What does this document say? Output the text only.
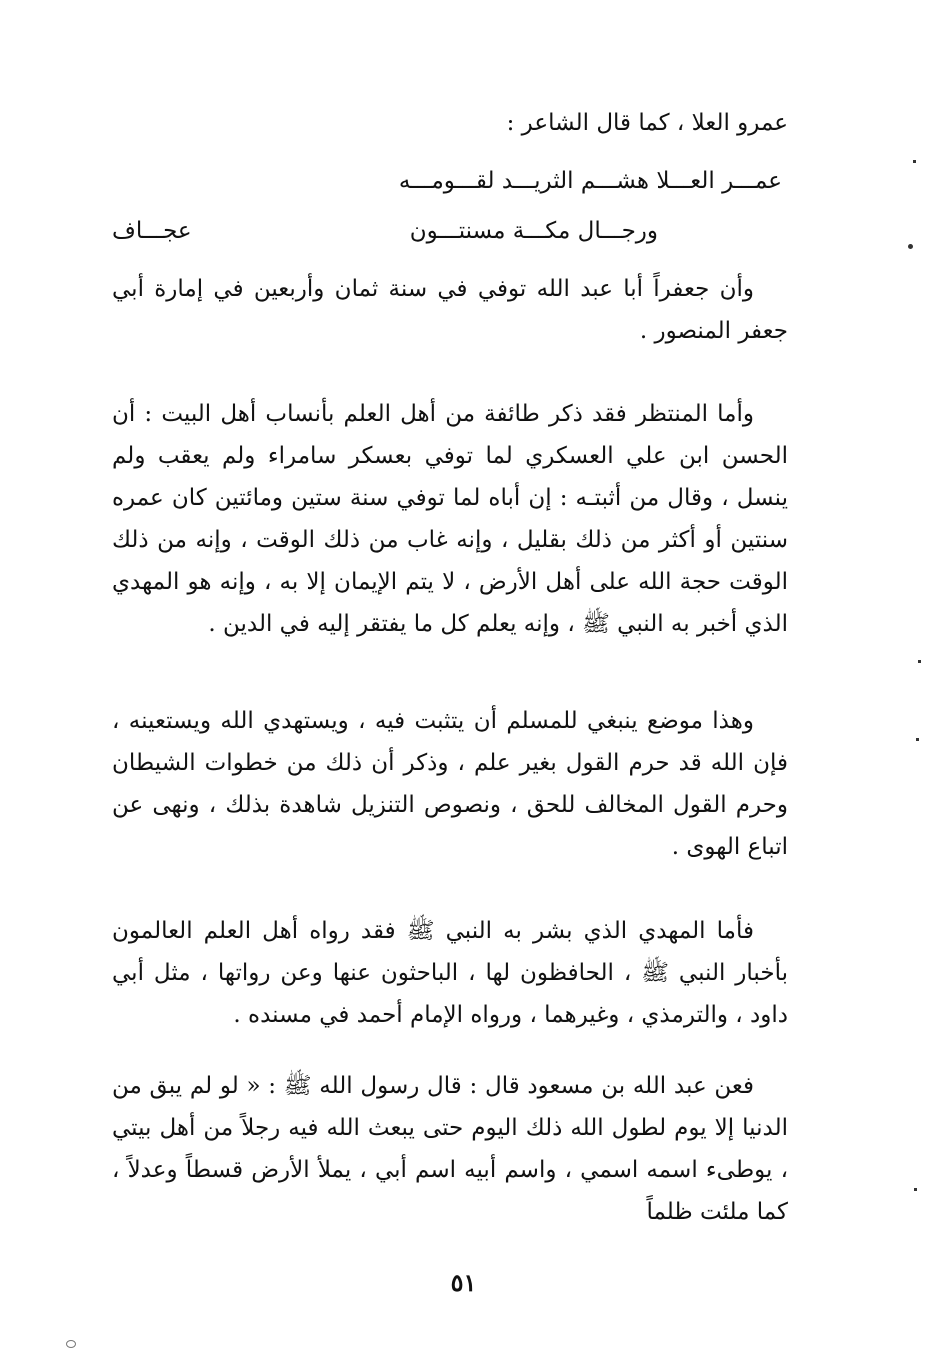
عمرو العلا ، كما قال الشاعر :

عمـــر العـــلا هشـــم الثريـــد لقـــومـــه
ورجـــال مكـــة مسنتـــون
عجـــاف

وأن جعفراً أبا عبد الله توفي في سنة ثمان وأربعين في إمارة أبي جعفر المنصور .

وأما المنتظر فقد ذكر طائفة من أهل العلم بأنساب أهل البيت : أن الحسن ابن علي العسكري لما توفي بعسكر سامراء ولم يعقب ولم ينسل ، وقال من أثبتـه : إن أباه لما توفي سنة ستين ومائتين كان عمره سنتين أو أكثر من ذلك بقليل ، وإنه غاب من ذلك الوقت ، وإنه من ذلك الوقت حجة الله على أهل الأرض ، لا يتم الإيمان إلا به ، وإنه هو المهدي الذي أخبر به النبي ﷺ ، وإنه يعلم كل ما يفتقر إليه في الدين .

وهذا موضع ينبغي للمسلم أن يتثبت فيه ، ويستهدي الله ويستعينه ، فإن الله قد حرم القول بغير علم ، وذكر أن ذلك من خطوات الشيطان وحرم القول المخالف للحق ، ونصوص التنزيل شاهدة بذلك ، ونهى عن اتباع الهوى .

فأما المهدي الذي بشر به النبي ﷺ فقد رواه أهل العلم العالمون بأخبار النبي ﷺ ، الحافظون لها ، الباحثون عنها وعن رواتها ، مثل أبي داود ، والترمذي ، وغيرهما ، ورواه الإمام أحمد في مسنده .

فعن عبد الله بن مسعود قال : قال رسول الله ﷺ : « لو لم يبق من الدنيا إلا يوم لطول الله ذلك اليوم حتى يبعث الله فيه رجلاً من أهل بيتي ، يوطىء اسمه اسمي ، واسم أبيه اسم أبي ، يملأ الأرض قسطاً وعدلاً ، كما ملئت ظلماً

٥١
